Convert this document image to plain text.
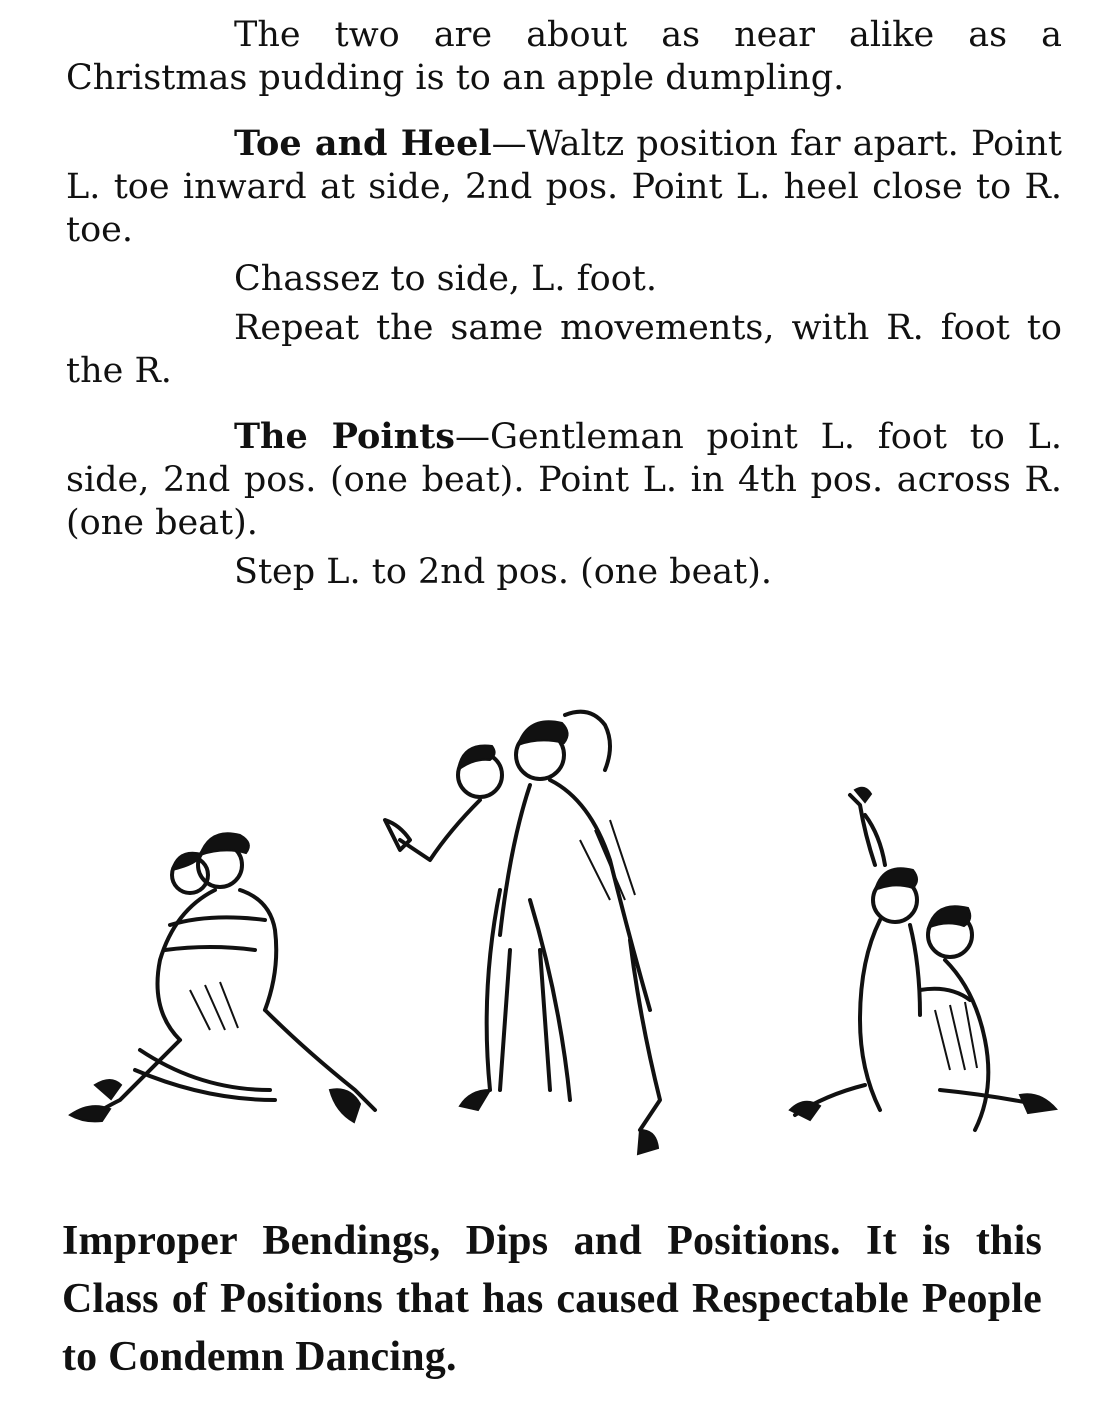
The two are about as near alike as a Christmas pudding is to an apple dumpling.

Toe and Heel—Waltz position far apart. Point L. toe inward at side, 2nd pos. Point L. heel close to R. toe.

Chassez to side, L. foot.

Repeat the same movements, with R. foot to the R.

The Points—Gentleman point L. foot to L. side, 2nd pos. (one beat). Point L. in 4th pos. across R. (one beat).

Step L. to 2nd pos. (one beat).

Improper Bendings, Dips and Positions. It is this Class of Positions that has caused Respectable People to Condemn Dancing.
